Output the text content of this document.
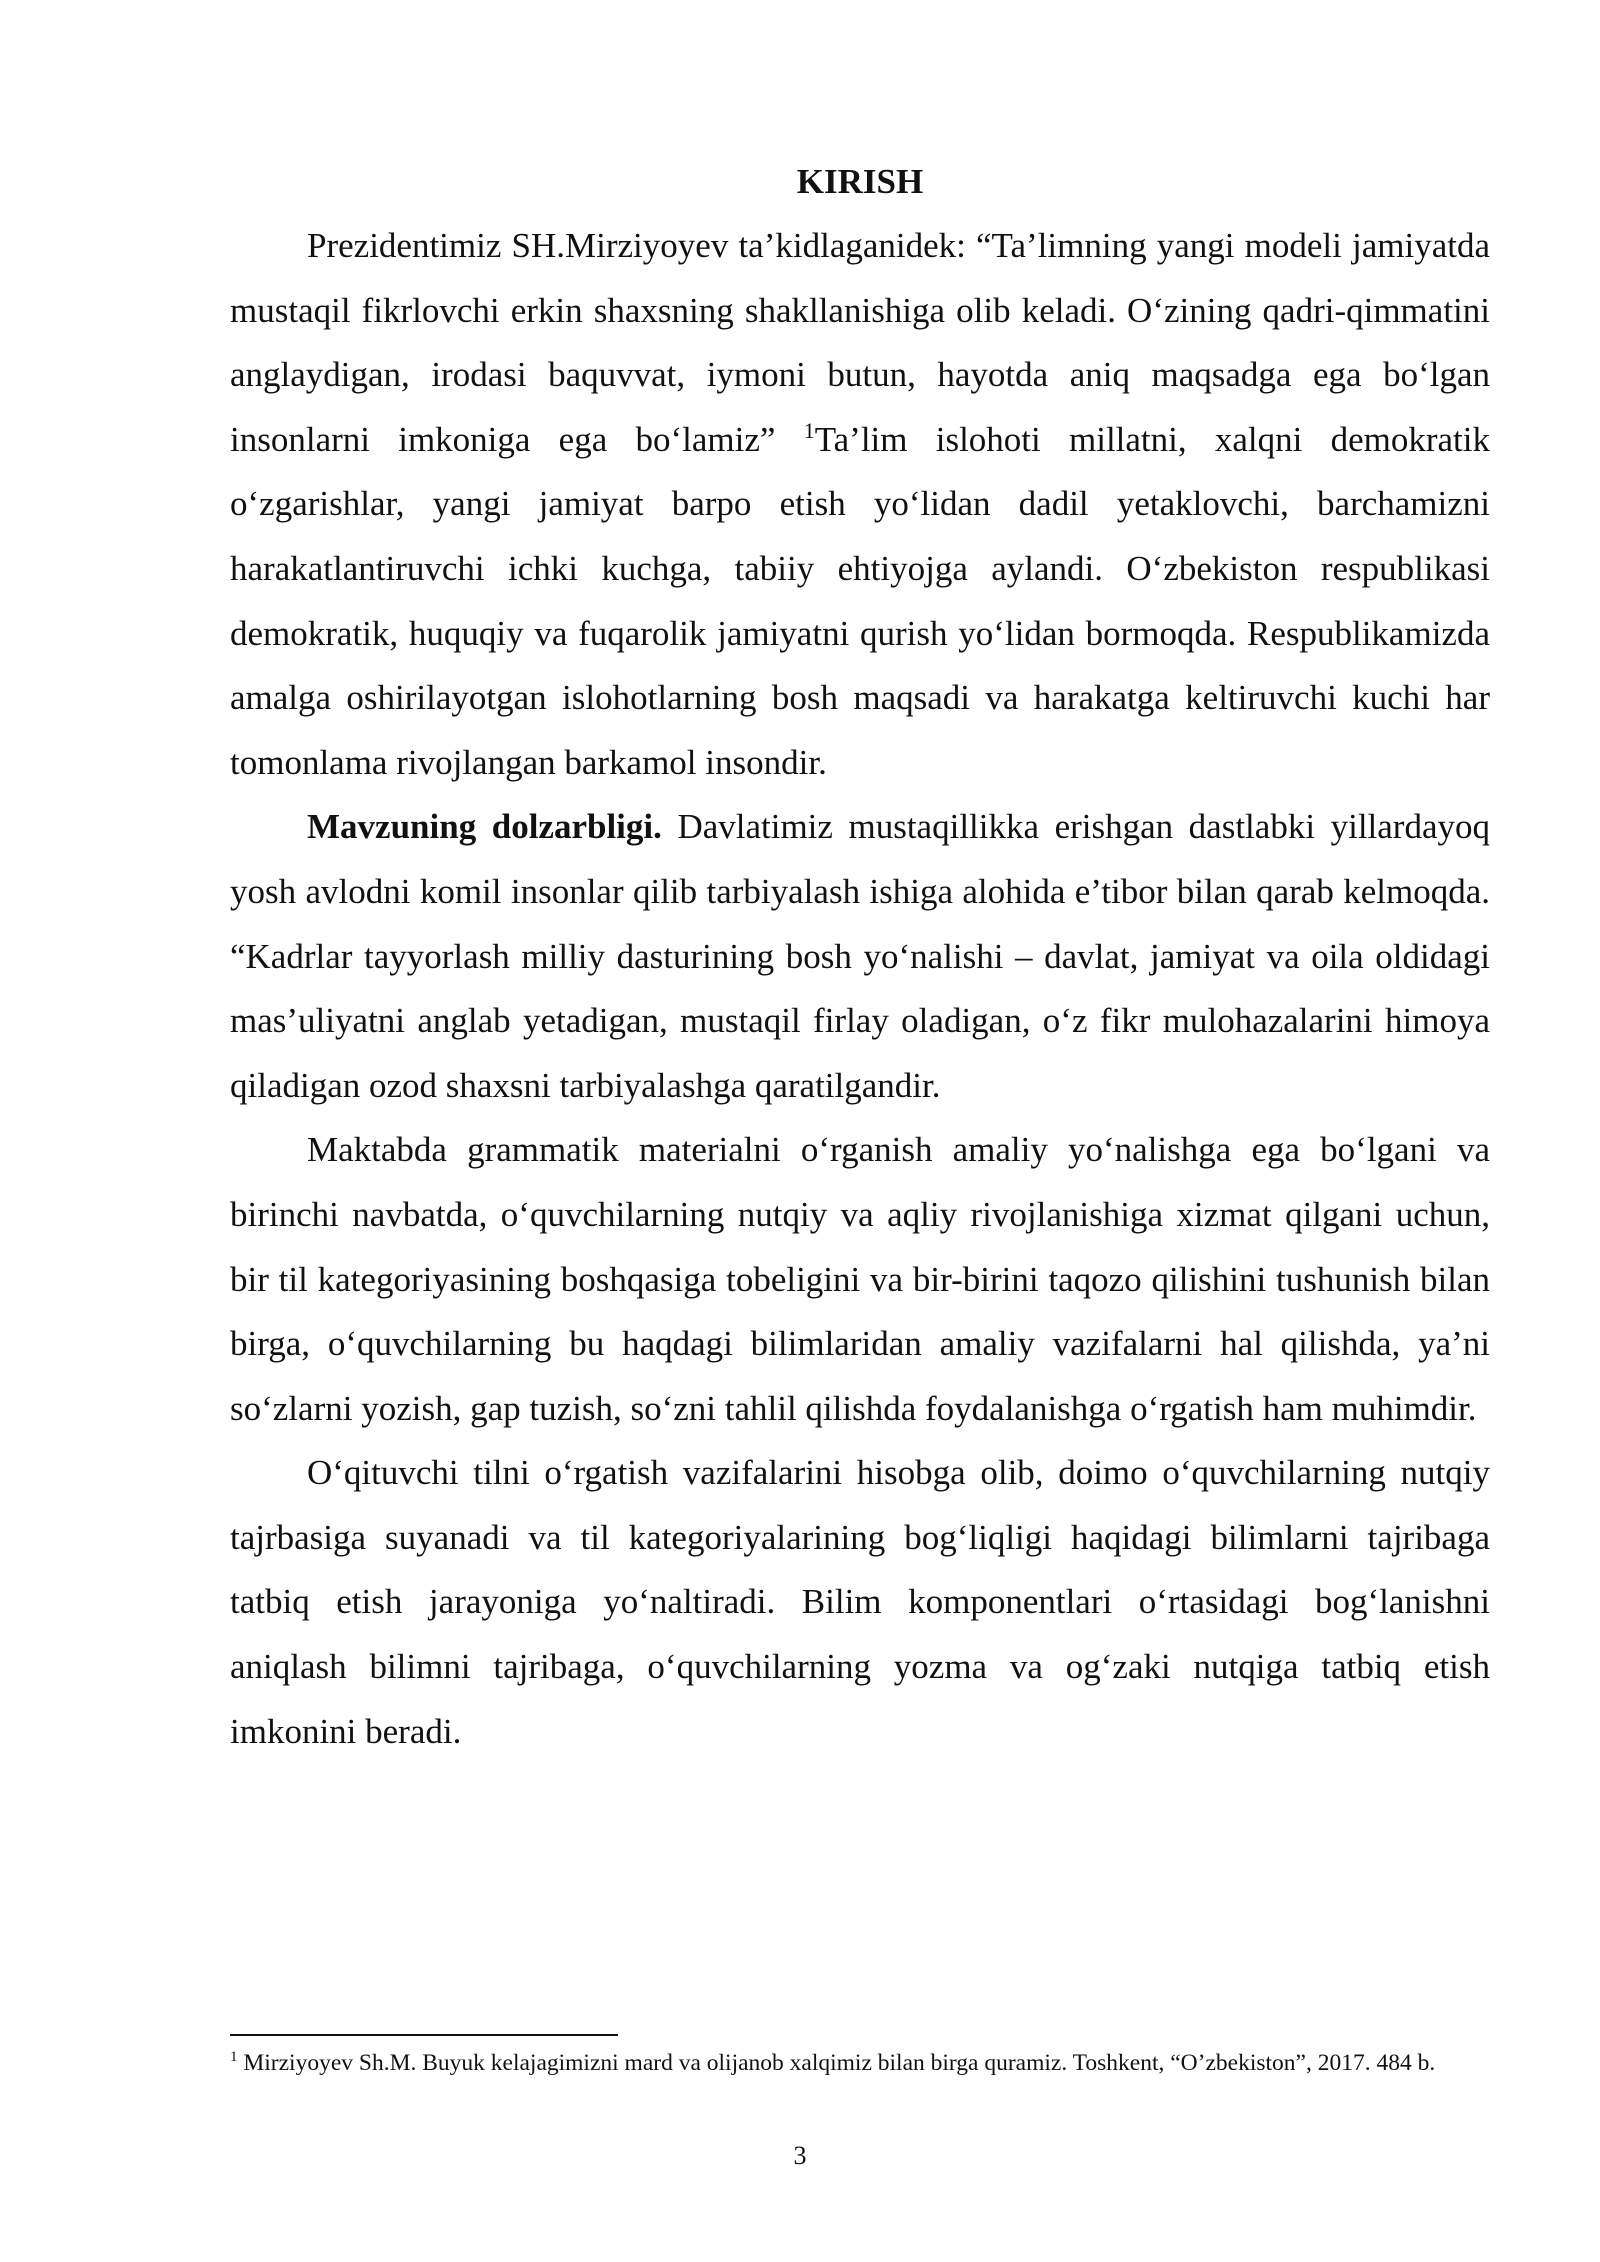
KIRISH

Prezidentimiz SH.Mirziyoyev ta’kidlaganidek: “Ta’limning yangi modeli jamiyatda mustaqil fikrlovchi erkin shaxsning shakllanishiga olib keladi. O‘zining qadri-qimmatini anglaydigan, irodasi baquvvat, iymoni butun, hayotda aniq maqsadga ega bo‘lgan insonlarni imkoniga ega bo‘lamiz” $^1$Ta’lim islohoti millatni, xalqni demokratik o‘zgarishlar, yangi jamiyat barpo etish yo‘lidan dadil yetaklovchi, barchamizni harakatlantiruvchi ichki kuchga, tabiiy ehtiyojga aylandi. O‘zbekiston respublikasi demokratik, huquqiy va fuqarolik jamiyatni qurish yo‘lidan bormoqda. Respublikamizda amalga oshirilayotgan islohotlarning bosh maqsadi va harakatga keltiruvchi kuchi har tomonlama rivojlangan barkamol insondir.

Mavzuning dolzarbligi. Davlatimiz mustaqillikka erishgan dastlabki yillardayoq yosh avlodni komil insonlar qilib tarbiyalash ishiga alohida e’tibor bilan qarab kelmoqda. “Kadrlar tayyorlash milliy dasturining bosh yo‘nalishi – davlat, jamiyat va oila oldidagi mas’uliyatni anglab yetadigan, mustaqil firlay oladigan, o‘z fikr mulohazalarini himoya qiladigan ozod shaxsni tarbiyalashga qaratilgandir.

Maktabda grammatik materialni o‘rganish amaliy yo‘nalishga ega bo‘lgani va birinchi navbatda, o‘quvchilarning nutqiy va aqliy rivojlanishiga xizmat qilgani uchun, bir til kategoriyasining boshqasiga tobeligini va bir-birini taqozo qilishini tushunish bilan birga, o‘quvchilarning bu haqdagi bilimlaridan amaliy vazifalarni hal qilishda, ya’ni so‘zlarni yozish, gap tuzish, so‘zni tahlil qilishda foydalanishga o‘rgatish ham muhimdir.

O‘qituvchi tilni o‘rgatish vazifalarini hisobga olib, doimo o‘quvchilarning nutqiy tajrbasiga suyanadi va til kategoriyalarining bog‘liqligi haqidagi bilimlarni tajribaga tatbiq etish jarayoniga yo‘naltiradi. Bilim komponentlari o‘rtasidagi bog‘lanishni aniqlash bilimni tajribaga, o‘quvchilarning yozma va og‘zaki nutqiga tatbiq etish imkonini beradi.

$^1$ Mirziyoyev Sh.M. Buyuk kelajagimizni mard va olijanob xalqimiz bilan birga quramiz. Toshkent, “O’zbekiston”, 2017. 484 b.
3
